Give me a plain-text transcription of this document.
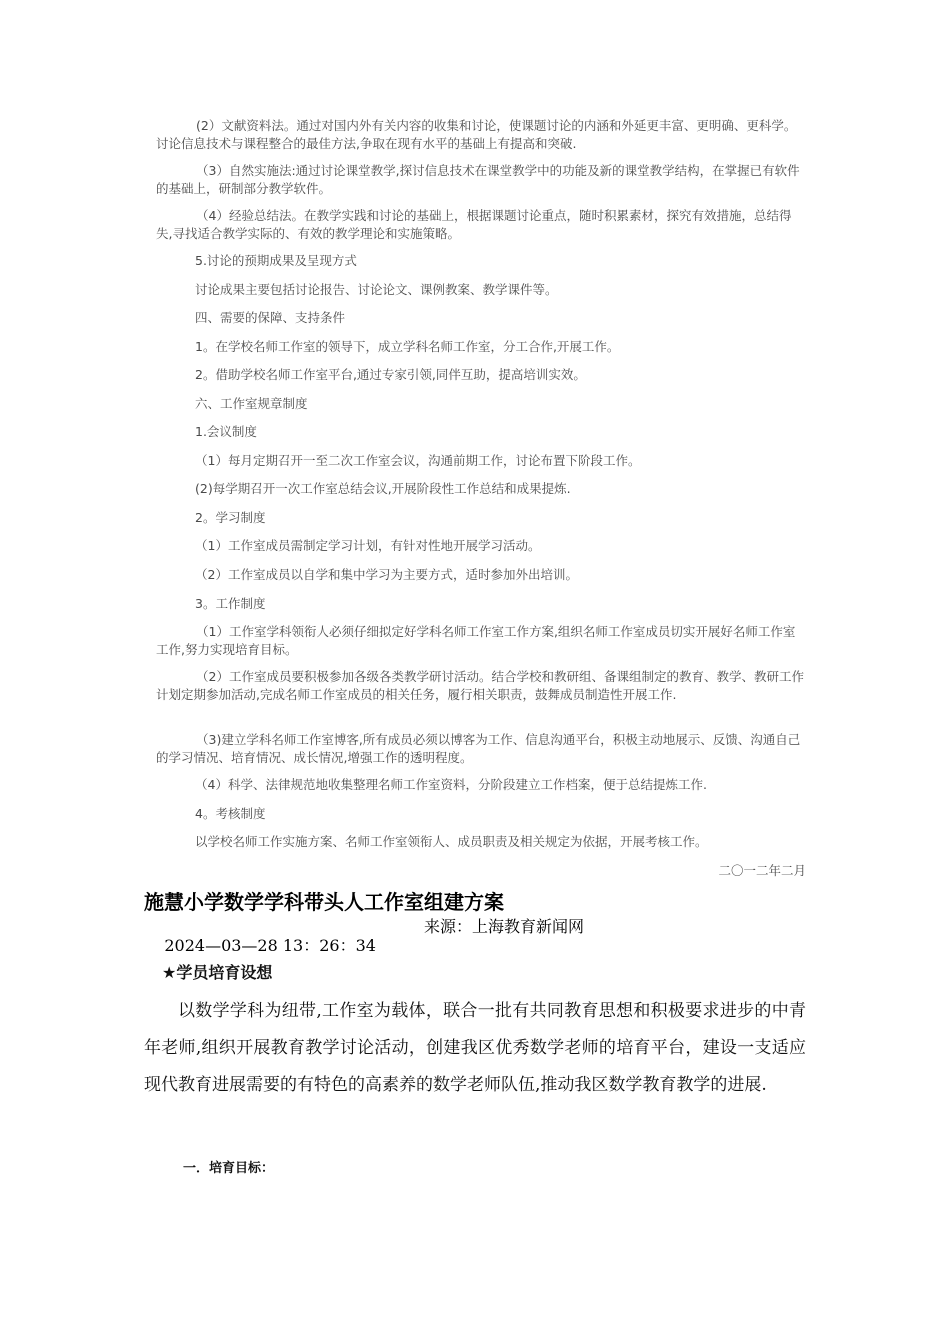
(2）文献资料法。通过对国内外有关内容的收集和讨论，使课题讨论的内涵和外延更丰富、更明确、更科学。讨论信息技术与课程整合的最佳方法,争取在现有水平的基础上有提高和突破.

（3）自然实施法:通过讨论课堂教学,探讨信息技术在课堂教学中的功能及新的课堂教学结构，在掌握已有软件的基础上，研制部分教学软件。

（4）经验总结法。在教学实践和讨论的基础上，根据课题讨论重点，随时积累素材，探究有效措施，总结得失,寻找适合教学实际的、有效的教学理论和实施策略。

5.讨论的预期成果及呈现方式

讨论成果主要包括讨论报告、讨论论文、课例教案、教学课件等。

四、需要的保障、支持条件

1。在学校名师工作室的领导下，成立学科名师工作室，分工合作,开展工作。

2。借助学校名师工作室平台,通过专家引领,同伴互助，提高培训实效。

六、工作室规章制度

1.会议制度

（1）每月定期召开一至二次工作室会议，沟通前期工作，讨论布置下阶段工作。

(2)每学期召开一次工作室总结会议,开展阶段性工作总结和成果提炼.

2。学习制度

（1）工作室成员需制定学习计划，有针对性地开展学习活动。

（2）工作室成员以自学和集中学习为主要方式，适时参加外出培训。

3。工作制度

（1）工作室学科领衔人必须仔细拟定好学科名师工作室工作方案,组织名师工作室成员切实开展好名师工作室工作,努力实现培育目标。

（2）工作室成员要积极参加各级各类教学研讨活动。结合学校和教研组、备课组制定的教育、教学、教研工作计划定期参加活动,完成名师工作室成员的相关任务，履行相关职责，鼓舞成员制造性开展工作.

（3)建立学科名师工作室博客,所有成员必须以博客为工作、信息沟通平台，积极主动地展示、反馈、沟通自己的学习情况、培育情况、成长情况,增强工作的透明程度。

（4）科学、法律规范地收集整理名师工作室资料，分阶段建立工作档案，便于总结提炼工作.

4。考核制度

以学校名师工作实施方案、名师工作室领衔人、成员职责及相关规定为依据，开展考核工作。

二〇一二年二月
施慧小学数学学科带头人工作室组建方案

2024—03—28 13：26：34

来源：上海教育新闻网

★学员培育设想

以数学学科为纽带,工作室为载体，联合一批有共同教育思想和积极要求进步的中青年老师,组织开展教育教学讨论活动，创建我区优秀数学老师的培育平台，建设一支适应现代教育进展需要的有特色的高素养的数学老师队伍,推动我区数学教育教学的进展.

一．培育目标：
